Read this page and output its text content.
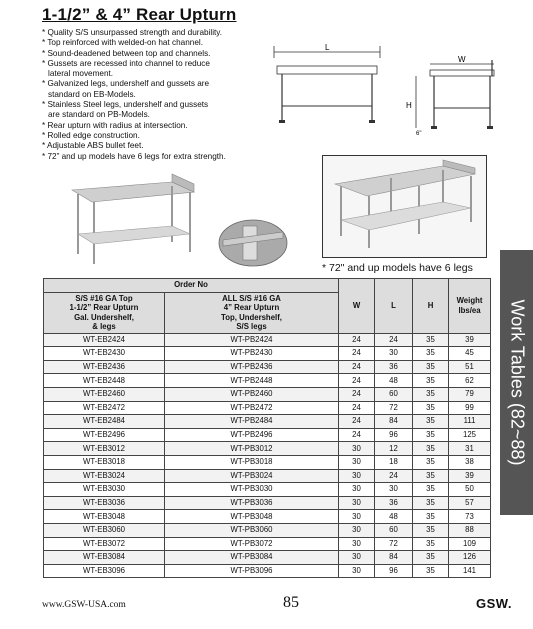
1-1/2” & 4” Rear Upturn
* Quality S/S unsurpassed strength and durability.
* Top reinforced with welded-on hat channel.
* Sound-deadened between top and channels.
* Gussets are recessed into channel to reduce
lateral movement.
* Galvanized legs, undershelf and gussets are
standard on EB-Models.
* Stainless Steel legs, undershelf and gussets
are standard on PB-Models.
* Rear upturn with radius at intersection.
* Rolled edge construction.
* Adjustable ABS bullet feet.
* 72” and up models have 6 legs for extra strength.
L
W
H
6"
* 72" and up models have 6 legs
Work Tables (82~88)
Order No		W	L	H	Weight
lbs/ea
S/S #16 GA Top
1-1/2” Rear Upturn
Gal. Undershelf,
& legs	ALL S/S #16 GA
4” Rear Upturn
Top, Undershelf,
S/S legs				
WT-EB2424	WT-PB2424	24	24	35	39
WT-EB2430	WT-PB2430	24	30	35	45
WT-EB2436	WT-PB2436	24	36	35	51
WT-EB2448	WT-PB2448	24	48	35	62
WT-EB2460	WT-PB2460	24	60	35	79
WT-EB2472	WT-PB2472	24	72	35	99
WT-EB2484	WT-PB2484	24	84	35	111
WT-EB2496	WT-PB2496	24	96	35	125
WT-EB3012	WT-PB3012	30	12	35	31
WT-EB3018	WT-PB3018	30	18	35	38
WT-EB3024	WT-PB3024	30	24	35	39
WT-EB3030	WT-PB3030	30	30	35	50
WT-EB3036	WT-PB3036	30	36	35	57
WT-EB3048	WT-PB3048	30	48	35	73
WT-EB3060	WT-PB3060	30	60	35	88
WT-EB3072	WT-PB3072	30	72	35	109
WT-EB3084	WT-PB3084	30	84	35	126
WT-EB3096	WT-PB3096	30	96	35	141
www.GSW-USA.com	85	GSW.
